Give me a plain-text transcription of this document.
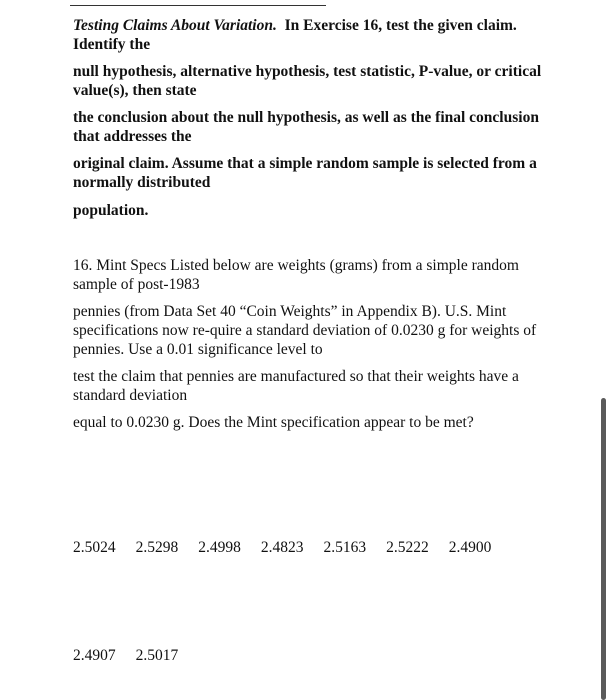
Testing Claims About Variation. In Exercise 16, test the given claim. Identify the

null hypothesis, alternative hypothesis, test statistic, P-value, or critical value(s), then state

the conclusion about the null hypothesis, as well as the final conclusion that addresses the

original claim. Assume that a simple random sample is selected from a normally distributed

population.

16. Mint Specs Listed below are weights (grams) from a simple random sample of post-1983

pennies (from Data Set 40 “Coin Weights” in Appendix B). U.S. Mint specifications now re-quire a standard deviation of 0.0230 g for weights of pennies. Use a 0.01 significance level to

test the claim that pennies are manufactured so that their weights have a standard deviation

equal to 0.0230 g. Does the Mint specification appear to be met?

2.5024 2.5298 2.4998 2.4823 2.5163 2.5222 2.4900
2.4907 2.5017
